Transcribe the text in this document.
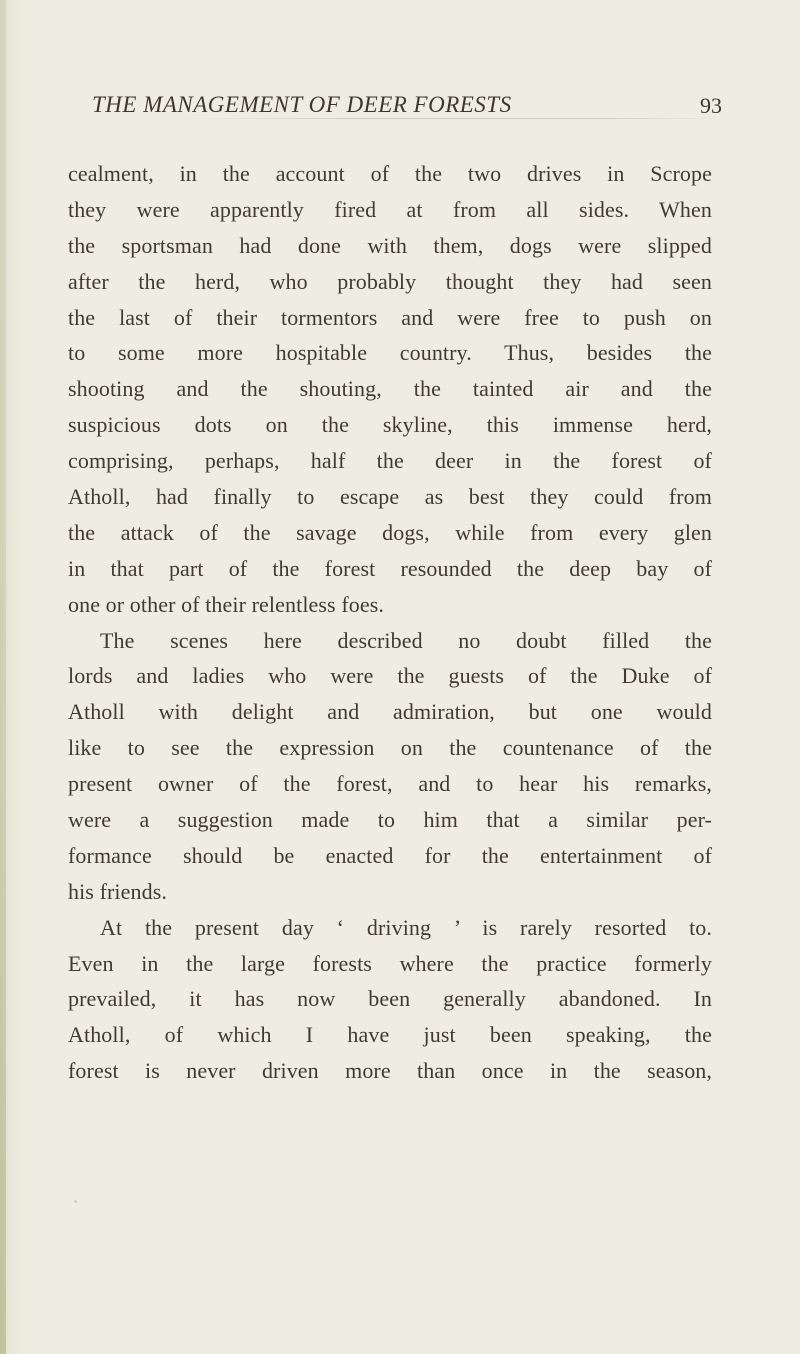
THE MANAGEMENT OF DEER FORESTS	93
cealment, in the account of the two drives in Scrope
they were apparently fired at from all sides. When
the sportsman had done with them, dogs were slipped
after the herd, who probably thought they had seen
the last of their tormentors and were free to push on
to some more hospitable country. Thus, besides the
shooting and the shouting, the tainted air and the
suspicious dots on the skyline, this immense herd,
comprising, perhaps, half the deer in the forest of
Atholl, had finally to escape as best they could from
the attack of the savage dogs, while from every glen
in that part of the forest resounded the deep bay of
one or other of their relentless foes.
The scenes here described no doubt filled the
lords and ladies who were the guests of the Duke of
Atholl with delight and admiration, but one would
like to see the expression on the countenance of the
present owner of the forest, and to hear his remarks,
were a suggestion made to him that a similar per-
formance should be enacted for the entertainment of
his friends.
At the present day ‘ driving ’ is rarely resorted to.
Even in the large forests where the practice formerly
prevailed, it has now been generally abandoned. In
Atholl, of which I have just been speaking, the
forest is never driven more than once in the season,
